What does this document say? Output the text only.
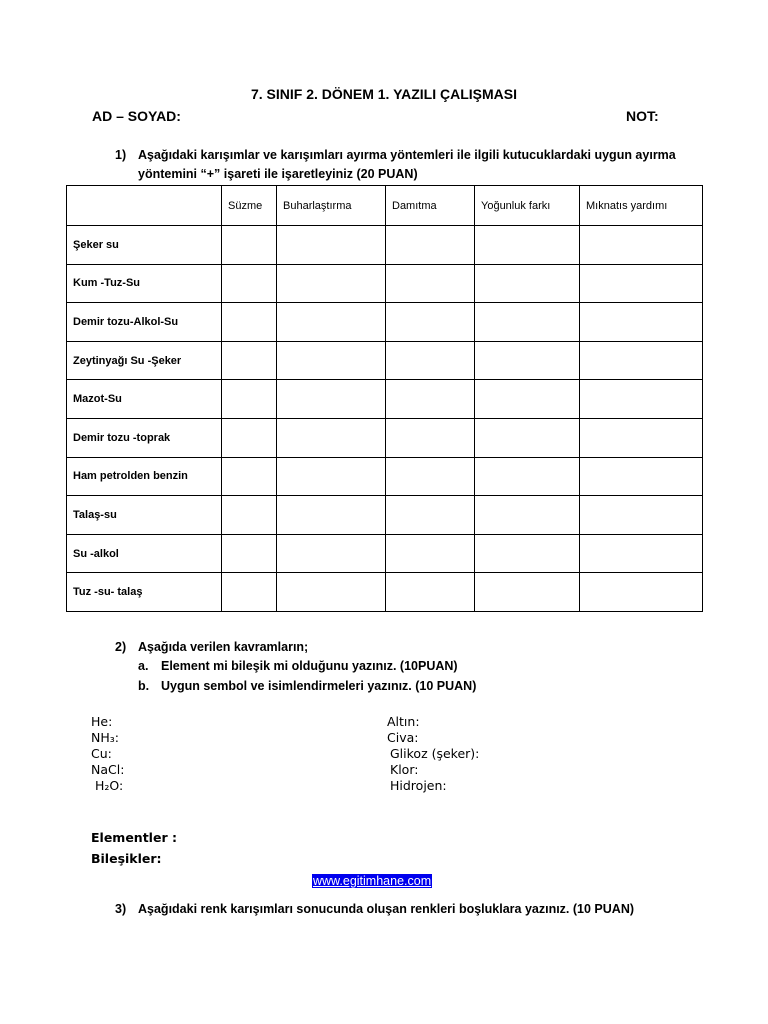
7. SINIF 2. DÖNEM 1. YAZILI ÇALIŞMASI
AD – SOYAD:	NOT:
1) Aşağıdaki karışımlar ve karışımları ayırma yöntemleri ile ilgili kutucuklardaki uygun ayırma
yöntemini “+” işareti ile işaretleyiniz (20 PUAN)
	Süzme	Buharlaştırma	Damıtma	Yoğunluk farkı	Mıknatıs yardımı
Şeker su					
Kum -Tuz-Su					
Demir tozu-Alkol-Su					
Zeytinyağı Su -Şeker					
Mazot-Su					
Demir tozu -toprak					
Ham petrolden benzin					
Talaş-su					
Su -alkol					
Tuz -su- talaş					
2) Aşağıda verilen kavramların;
a. Element mi bileşik mi olduğunu yazınız. (10PUAN)
b. Uygun sembol ve isimlendirmeleri yazınız. (10 PUAN)
He:
NH₃:
Cu:
NaCl:
H₂O:
Altın:
Civa:
Glikoz (şeker):
Klor:
Hidrojen:
Elementler :
Bileşikler:
www.egitimhane.com
3) Aşağıdaki renk karışımları sonucunda oluşan renkleri boşluklara yazınız. (10 PUAN)
